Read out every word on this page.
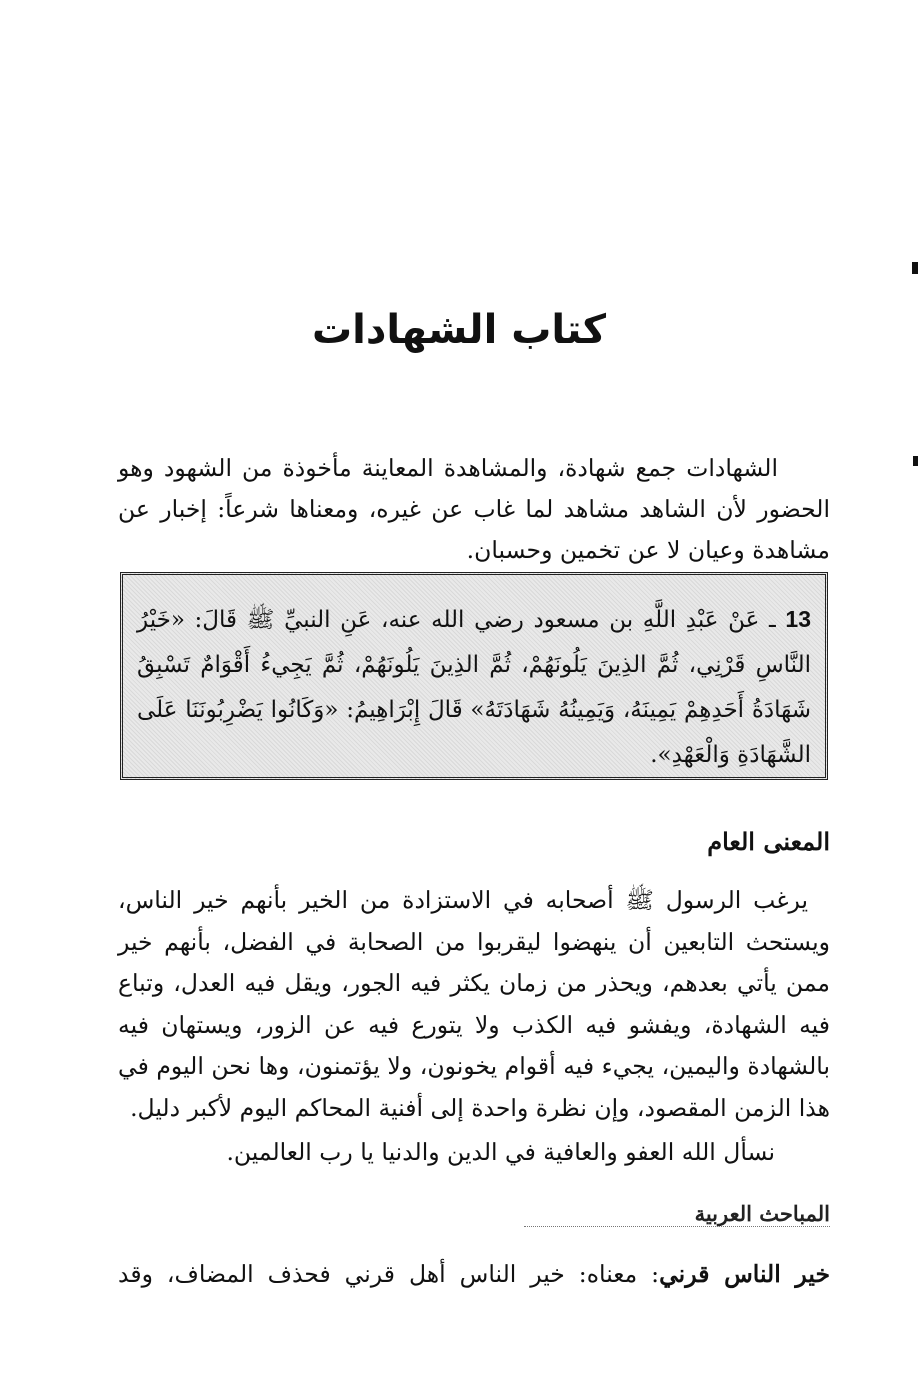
كتاب الشهادات

الشهادات جمع شهادة، والمشاهدة المعاينة مأخوذة من الشهود وهو الحضور لأن الشاهد مشاهد لما غاب عن غيره، ومعناها شرعاً: إخبار عن مشاهدة وعيان لا عن تخمين وحسبان.

13 ـ عَنْ عَبْدِ اللَّهِ بن مسعود رضي الله عنه، عَنِ النبيِّ ﷺ قَالَ: «خَيْرُ النَّاسِ قَرْنِي، ثُمَّ الذِينَ يَلُونَهُمْ، ثُمَّ الذِينَ يَلُونَهُمْ، ثُمَّ يَجِيءُ أَقْوَامٌ تَسْبِقُ شَهَادَةُ أَحَدِهِمْ يَمِينَهُ، وَيَمِينُهُ شَهَادَتَهُ» قَالَ إِبْرَاهِيمُ: «وَكَانُوا يَضْرِبُونَنَا عَلَى الشَّهَادَةِ وَالْعَهْدِ».
المعنى العام

يرغب الرسول ﷺ أصحابه في الاستزادة من الخير بأنهم خير الناس، ويستحث التابعين أن ينهضوا ليقربوا من الصحابة في الفضل، بأنهم خير ممن يأتي بعدهم، ويحذر من زمان يكثر فيه الجور، ويقل فيه العدل، وتباع فيه الشهادة، ويفشو فيه الكذب ولا يتورع فيه عن الزور، ويستهان فيه بالشهادة واليمين، يجيء فيه أقوام يخونون، ولا يؤتمنون، وها نحن اليوم في هذا الزمن المقصود، وإن نظرة واحدة إلى أفنية المحاكم اليوم لأكبر دليل.

نسأل الله العفو والعافية في الدين والدنيا يا رب العالمين.

المباحث العربية

خير الناس قرني: معناه: خير الناس أهل قرني فحذف المضاف، وقد
